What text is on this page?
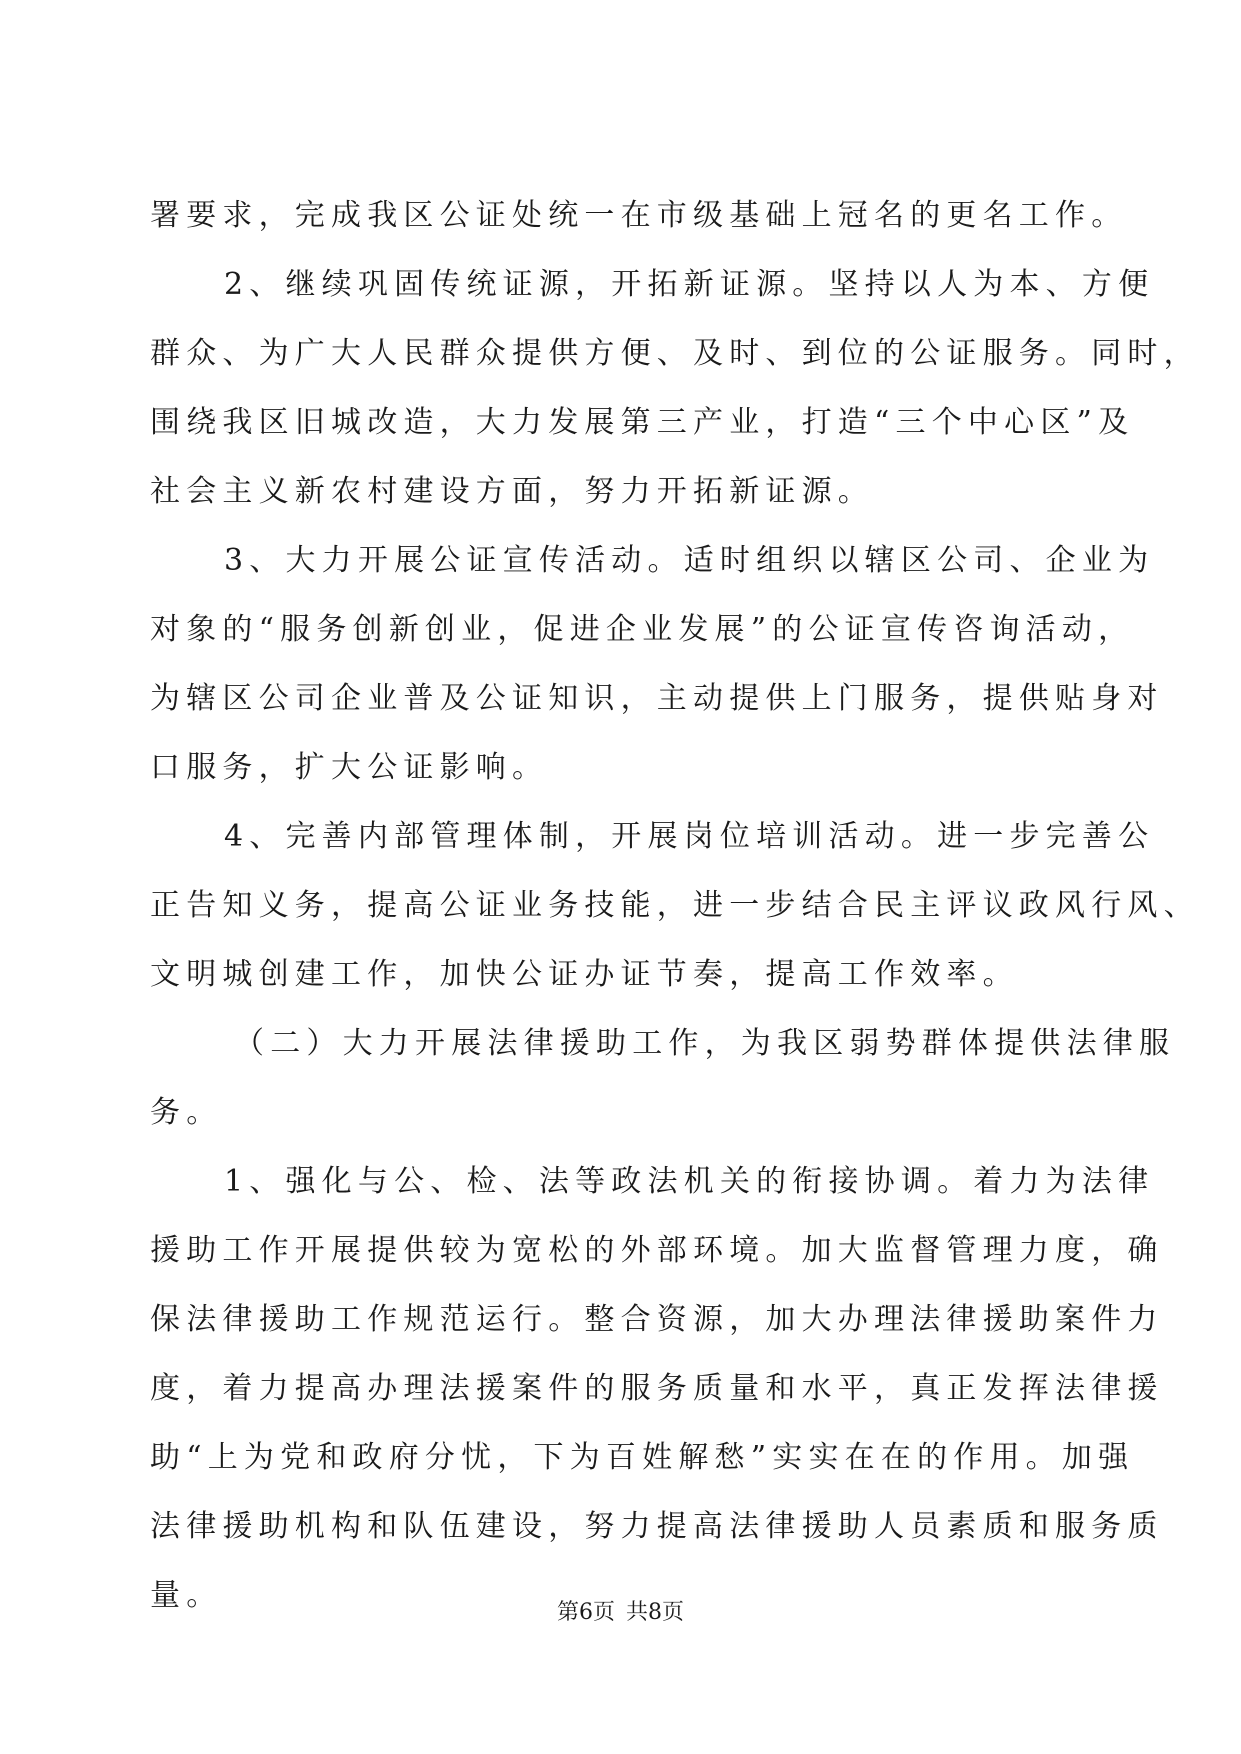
署要求，完成我区公证处统一在市级基础上冠名的更名工作。
2、继续巩固传统证源，开拓新证源。坚持以人为本、方便
群众、为广大人民群众提供方便、及时、到位的公证服务。同时，
围绕我区旧城改造，大力发展第三产业，打造“三个中心区”及
社会主义新农村建设方面，努力开拓新证源。
3、大力开展公证宣传活动。适时组织以辖区公司、企业为
对象的“服务创新创业，促进企业发展”的公证宣传咨询活动，
为辖区公司企业普及公证知识，主动提供上门服务，提供贴身对
口服务，扩大公证影响。
4、完善内部管理体制，开展岗位培训活动。进一步完善公
正告知义务，提高公证业务技能，进一步结合民主评议政风行风、
文明城创建工作，加快公证办证节奏，提高工作效率。
（二）大力开展法律援助工作，为我区弱势群体提供法律服
务。
1、强化与公、检、法等政法机关的衔接协调。着力为法律
援助工作开展提供较为宽松的外部环境。加大监督管理力度，确
保法律援助工作规范运行。整合资源，加大办理法律援助案件力
度，着力提高办理法援案件的服务质量和水平，真正发挥法律援
助“上为党和政府分忧，下为百姓解愁”实实在在的作用。加强
法律援助机构和队伍建设，努力提高法律援助人员素质和服务质
量。	第6页 共8页
